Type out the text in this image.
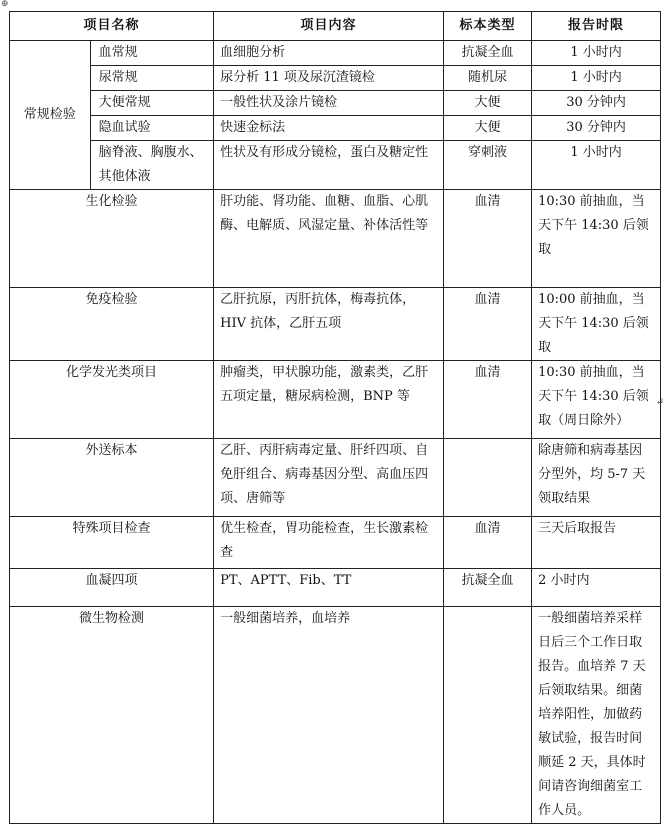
⊕
↵
项目名称		项目内容	标本类型	报告时限
常规检验	血常规	血细胞分析	抗凝全血	1 小时内
	尿常规	尿分析 11 项及尿沉渣镜检	随机尿	1 小时内
	大便常规	一般性状及涂片镜检	大便	30 分钟内
	隐血试验	快速金标法	大便	30 分钟内
	脑脊液、胸腹水、其他体液	性状及有形成分镜检，蛋白及糖定性	穿刺液	1 小时内
生化检验		肝功能、肾功能、血糖、血脂、心肌酶、电解质、风湿定量、补体活性等	血清	10:30 前抽血，当天下午 14:30 后领取
免疫检验		乙肝抗原，丙肝抗体，梅毒抗体，HIV 抗体，乙肝五项	血清	10:00 前抽血，当天下午 14:30 后领取
化学发光类项目		肿瘤类，甲状腺功能，激素类，乙肝五项定量，糖尿病检测，BNP 等	血清	10:30 前抽血，当天下午 14:30 后领取（周日除外）
外送标本		乙肝、丙肝病毒定量、肝纤四项、自免肝组合、病毒基因分型、高血压四项、唐筛等		除唐筛和病毒基因分型外，均 5-7 天领取结果
特殊项目检查		优生检查，胃功能检查，生长激素检查	血清	三天后取报告
血凝四项		PT、APTT、Fib、TT	抗凝全血	2 小时内
微生物检测		一般细菌培养，血培养		一般细菌培养采样日后三个工作日取报告。血培养 7 天后领取结果。细菌培养阳性，加做药敏试验，报告时间顺延 2 天，具体时间请咨询细菌室工作人员。
